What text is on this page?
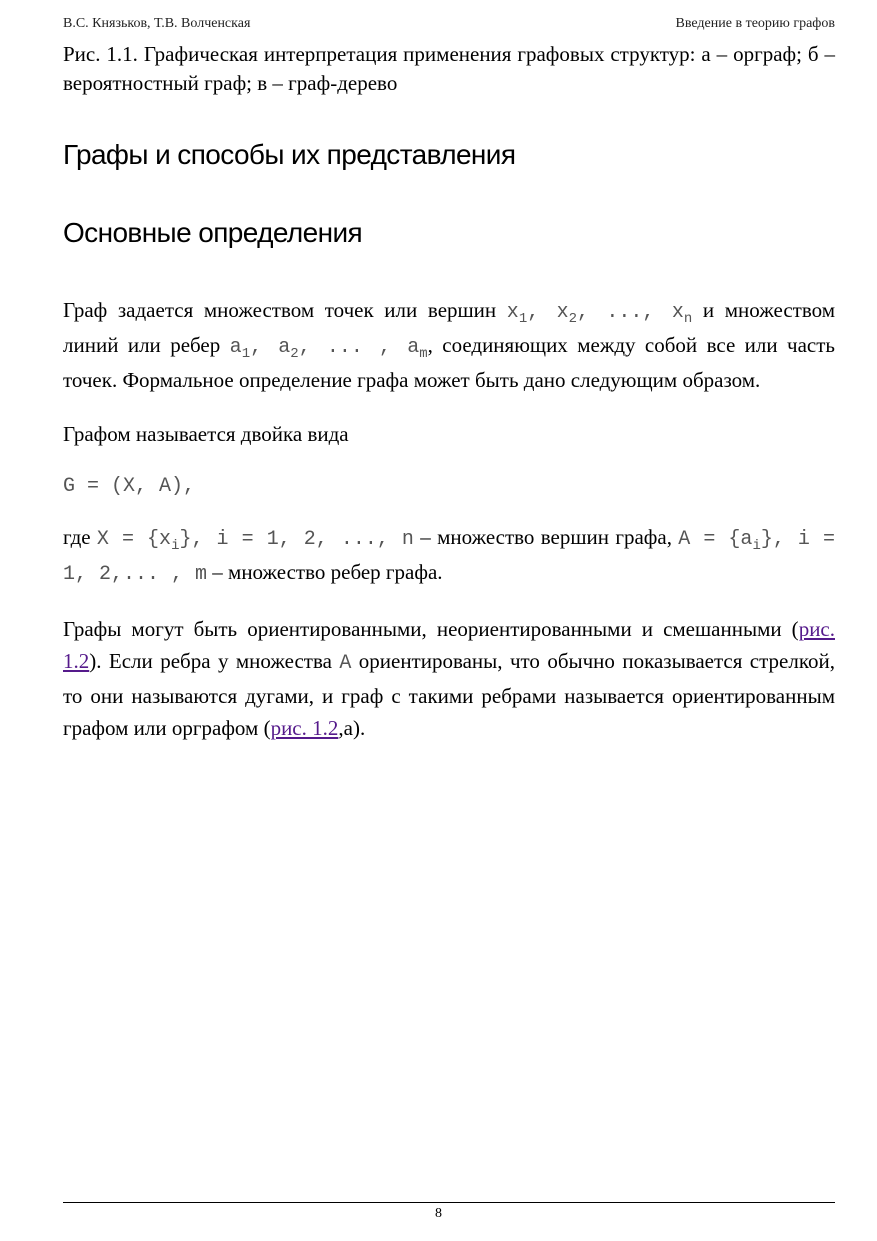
В.С. Князьков, Т.В. Волченская	Введение в теорию графов

Рис. 1.1. Графическая интерпретация применения графовых структур: а – орграф; б – вероятностный граф; в – граф-дерево

Графы и способы их представления
Основные определения

Граф задается множеством точек или вершин $x_1$, $x_2$, ..., $x_n$ и множеством линий или ребер $a_1$, $a_2$, ... , $a_m$, соединяющих между собой все или часть точек. Формальное определение графа может быть дано следующим образом.

Графом называется двойка вида

G = (X, A),

где $X = \{x_i\}$, i = 1, 2, ..., n – множество вершин графа, $A = \{a_i\}$, i = 1, 2,... , m – множество ребер графа.

Графы могут быть ориентированными, неориентированными и смешанными (рис. 1.2). Если ребра у множества A ориентированы, что обычно показывается стрелкой, то они называются дугами, и граф с такими ребрами называется ориентированным графом или орграфом (рис. 1.2,а).

8
